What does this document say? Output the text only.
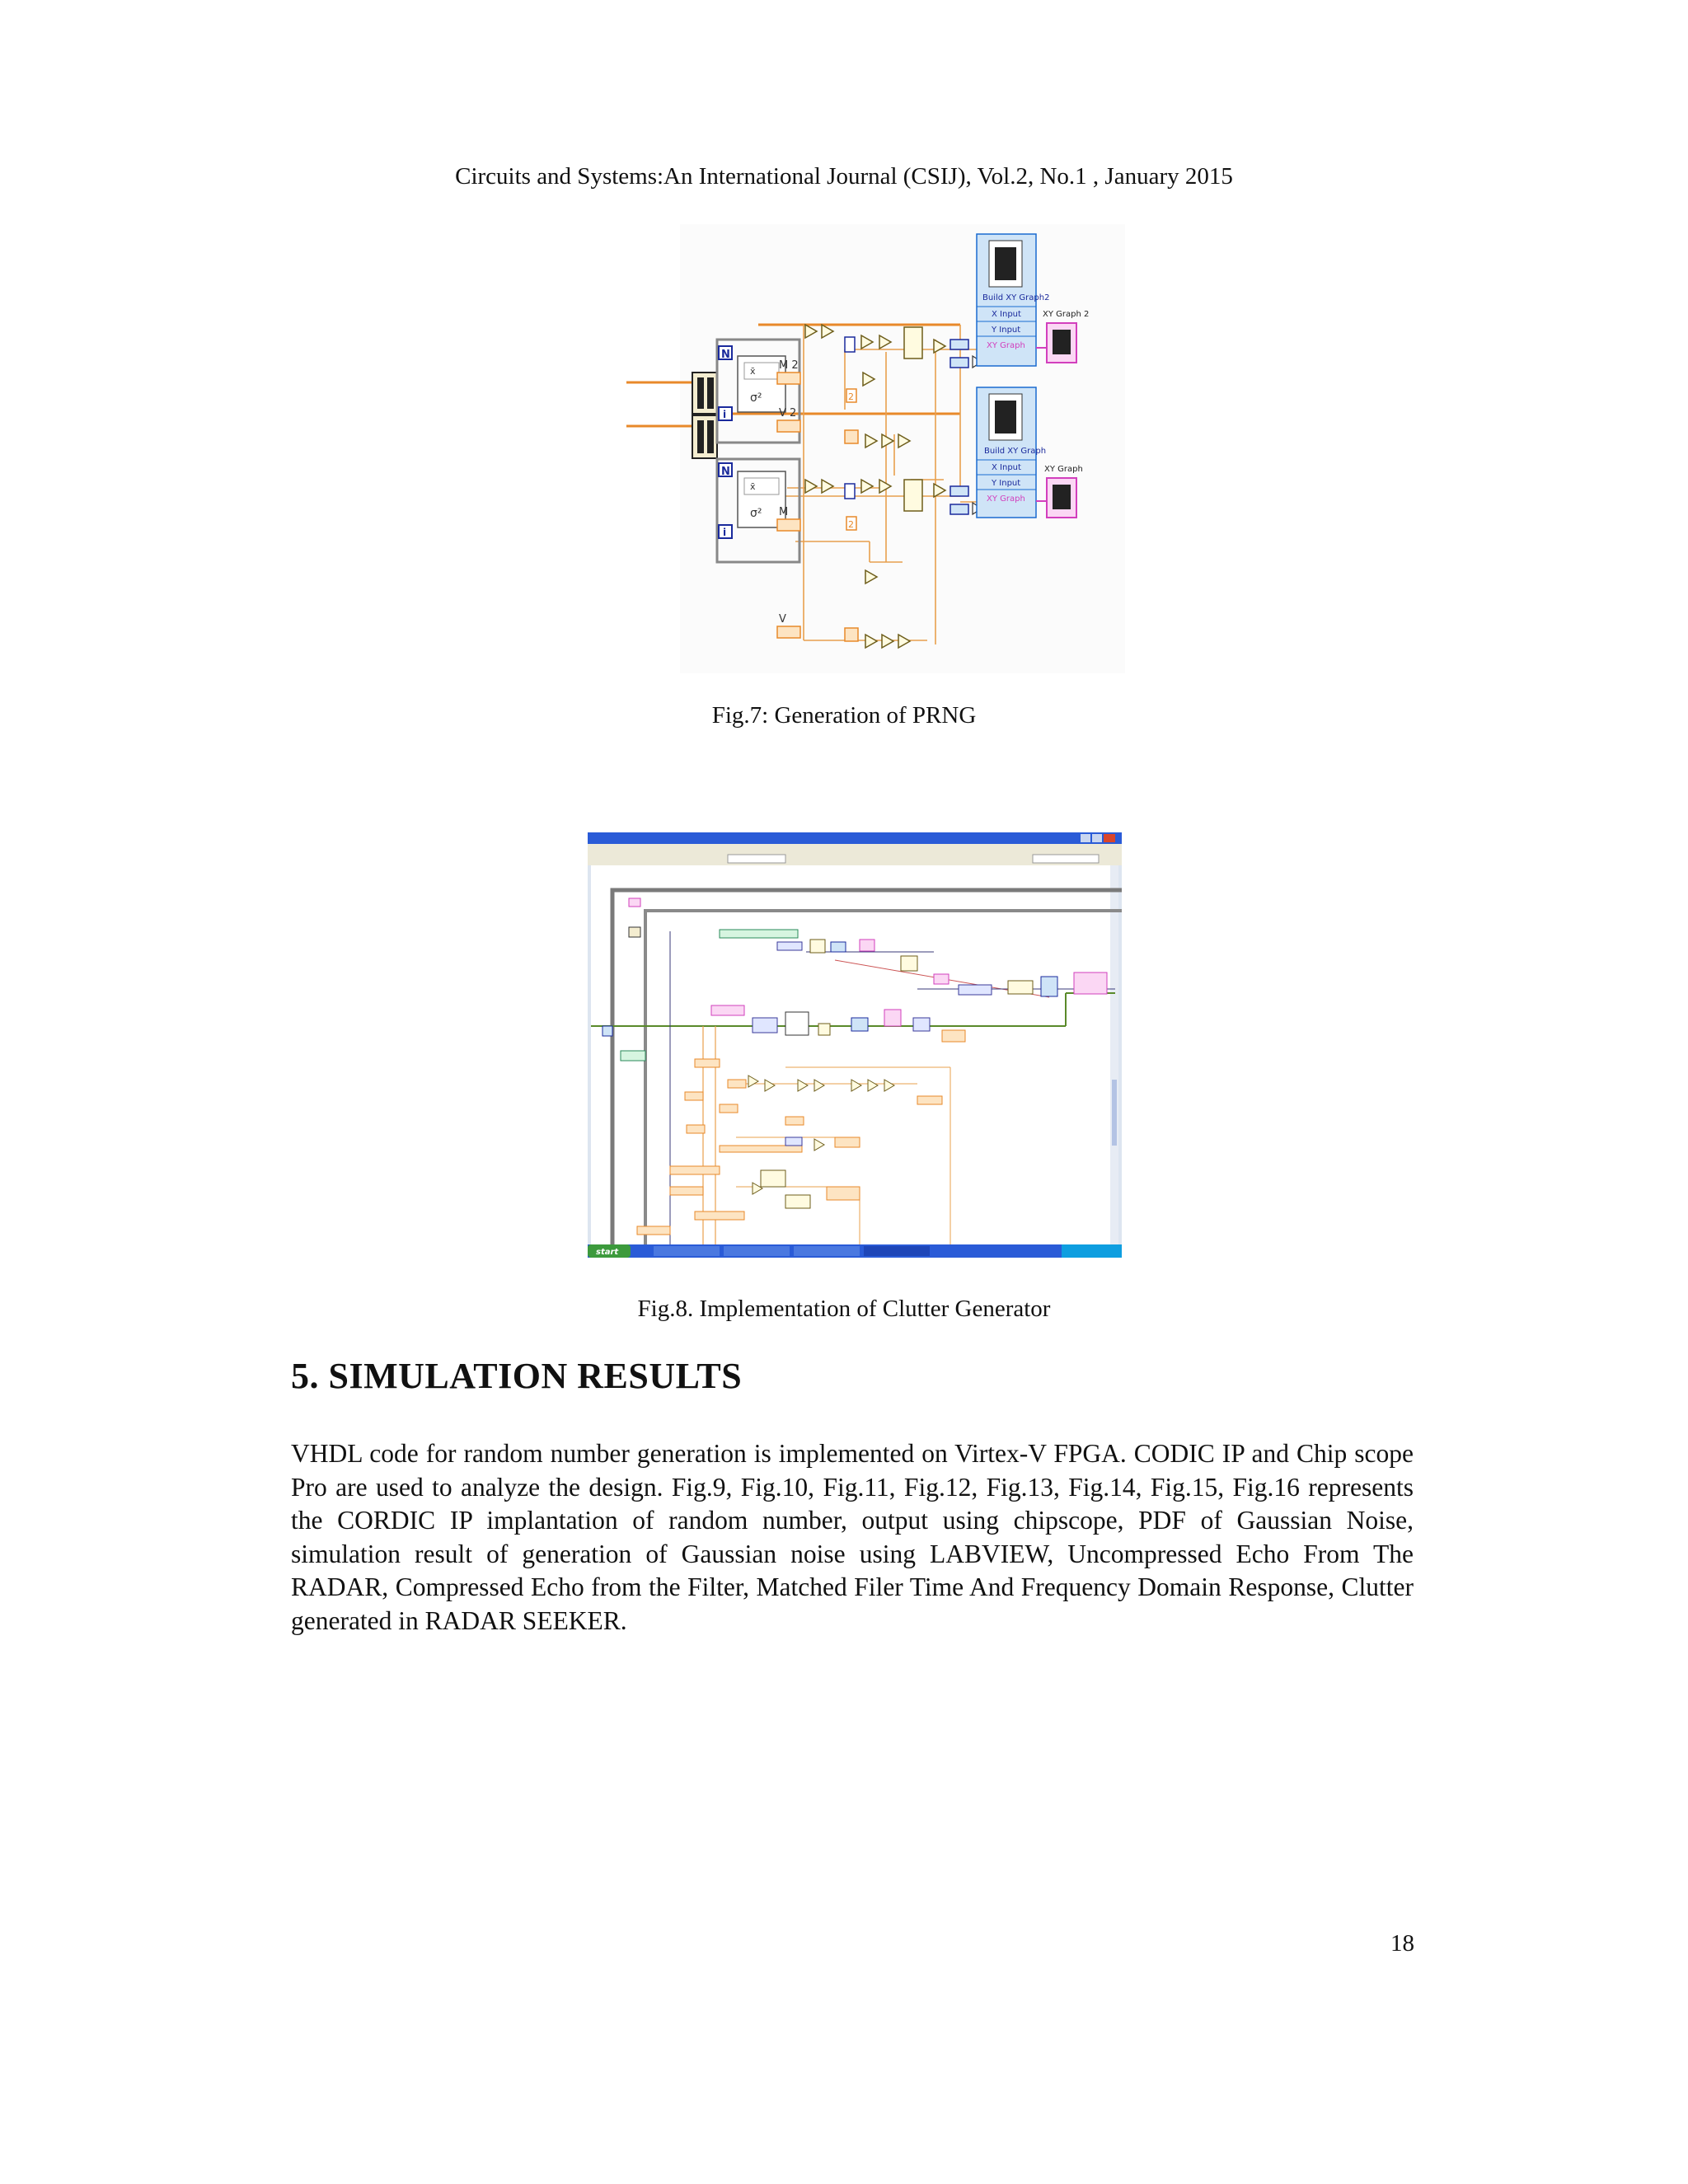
Circuits and Systems:An International Journal (CSIJ), Vol.2, No.1 , January 2015
N
i
x̄
σ²
N
i
x̄
σ²
M 2
V 2
M
V
2
2
Build XY Graph2
X Input
Y Input
XY Graph
XY Graph 2
Build XY Graph
X Input
Y Input
XY Graph
XY Graph
Fig.7: Generation of PRNG
start
Fig.8. Implementation of Clutter Generator
5. SIMULATION RESULTS
VHDL code for random number generation is implemented on Virtex-V FPGA. CODIC IP and Chip scope Pro are used to analyze the design. Fig.9, Fig.10, Fig.11, Fig.12, Fig.13, Fig.14, Fig.15, Fig.16 represents the CORDIC IP implantation of random number, output using chipscope, PDF of Gaussian Noise, simulation result of generation of Gaussian noise using LABVIEW, Uncompressed Echo From The RADAR, Compressed Echo from the Filter, Matched Filer Time And Frequency Domain Response, Clutter generated in RADAR SEEKER.
18
